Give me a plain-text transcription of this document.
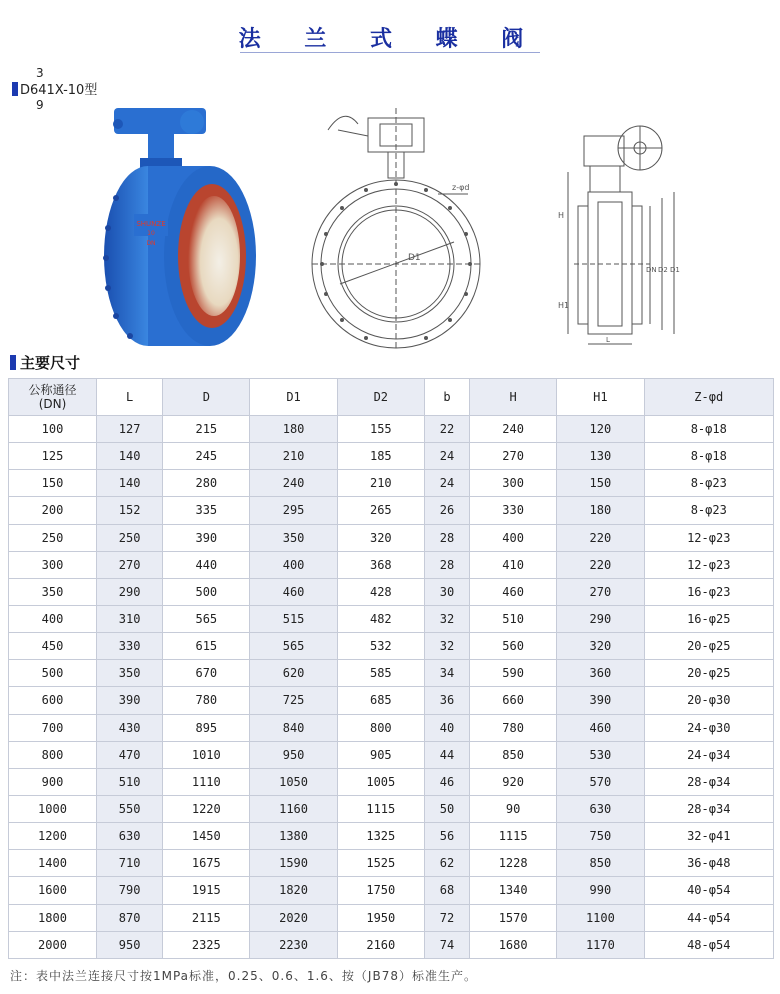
法 兰 式 蝶 阀
3
D641X-10型
9
SHUNZE
10
DN
D1
z-φd
H
H1
DN D2 D1
L
主要尺寸
公称通径
(DN)	L	D	D1	D2	b	H	H1	Z-φd
100	127	215	180	155	22	240	120	8-φ18
125	140	245	210	185	24	270	130	8-φ18
150	140	280	240	210	24	300	150	8-φ23
200	152	335	295	265	26	330	180	8-φ23
250	250	390	350	320	28	400	220	12-φ23
300	270	440	400	368	28	410	220	12-φ23
350	290	500	460	428	30	460	270	16-φ23
400	310	565	515	482	32	510	290	16-φ25
450	330	615	565	532	32	560	320	20-φ25
500	350	670	620	585	34	590	360	20-φ25
600	390	780	725	685	36	660	390	20-φ30
700	430	895	840	800	40	780	460	24-φ30
800	470	1010	950	905	44	850	530	24-φ34
900	510	1110	1050	1005	46	920	570	28-φ34
1000	550	1220	1160	1115	50	90	630	28-φ34
1200	630	1450	1380	1325	56	1115	750	32-φ41
1400	710	1675	1590	1525	62	1228	850	36-φ48
1600	790	1915	1820	1750	68	1340	990	40-φ54
1800	870	2115	2020	1950	72	1570	1100	44-φ54
2000	950	2325	2230	2160	74	1680	1170	48-φ54
注：表中法兰连接尺寸按1MPa标准，0.25、0.6、1.6、按（JB78）标准生产。
